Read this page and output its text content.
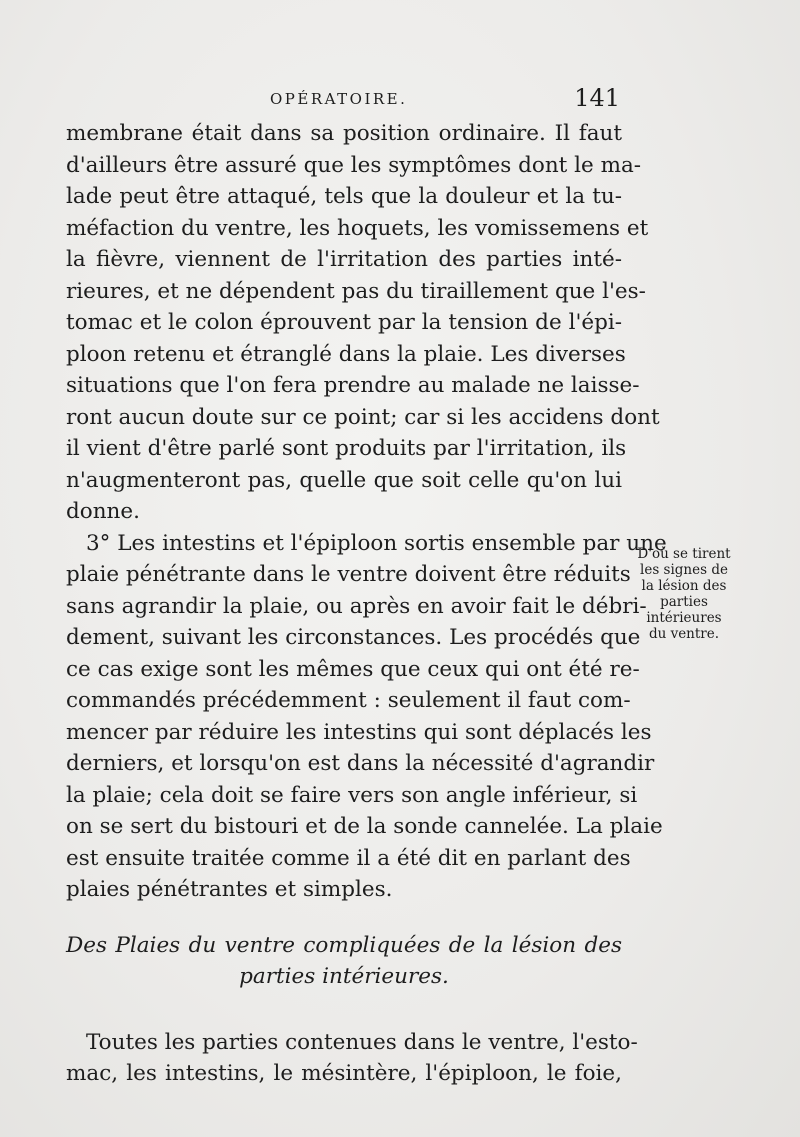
OPÉRATOIRE.	141
membrane était dans sa position ordinaire. Il faut
d'ailleurs être assuré que les symptômes dont le ma-
lade peut être attaqué, tels que la douleur et la tu-
méfaction du ventre, les hoquets, les vomissemens et
la fièvre, viennent de l'irritation des parties inté-
rieures, et ne dépendent pas du tiraillement que l'es-
tomac et le colon éprouvent par la tension de l'épi-
ploon retenu et étranglé dans la plaie. Les diverses
situations que l'on fera prendre au malade ne laisse-
ront aucun doute sur ce point; car si les accidens dont
il vient d'être parlé sont produits par l'irritation, ils
n'augmenteront pas, quelle que soit celle qu'on lui
donne.
3° Les intestins et l'épiploon sortis ensemble par une
plaie pénétrante dans le ventre doivent être réduits
sans agrandir la plaie, ou après en avoir fait le débri-
dement, suivant les circonstances. Les procédés que
ce cas exige sont les mêmes que ceux qui ont été re-
commandés précédemment : seulement il faut com-
mencer par réduire les intestins qui sont déplacés les
derniers, et lorsqu'on est dans la nécessité d'agrandir
la plaie; cela doit se faire vers son angle inférieur, si
on se sert du bistouri et de la sonde cannelée. La plaie
est ensuite traitée comme il a été dit en parlant des
plaies pénétrantes et simples.
Des Plaies du ventre compliquées de la lésion des
parties intérieures.
Toutes les parties contenues dans le ventre, l'esto-
mac, les intestins, le mésintère, l'épiploon, le foie,
D'où se tirent
les signes de
la lésion des
parties
intérieures
du ventre.
